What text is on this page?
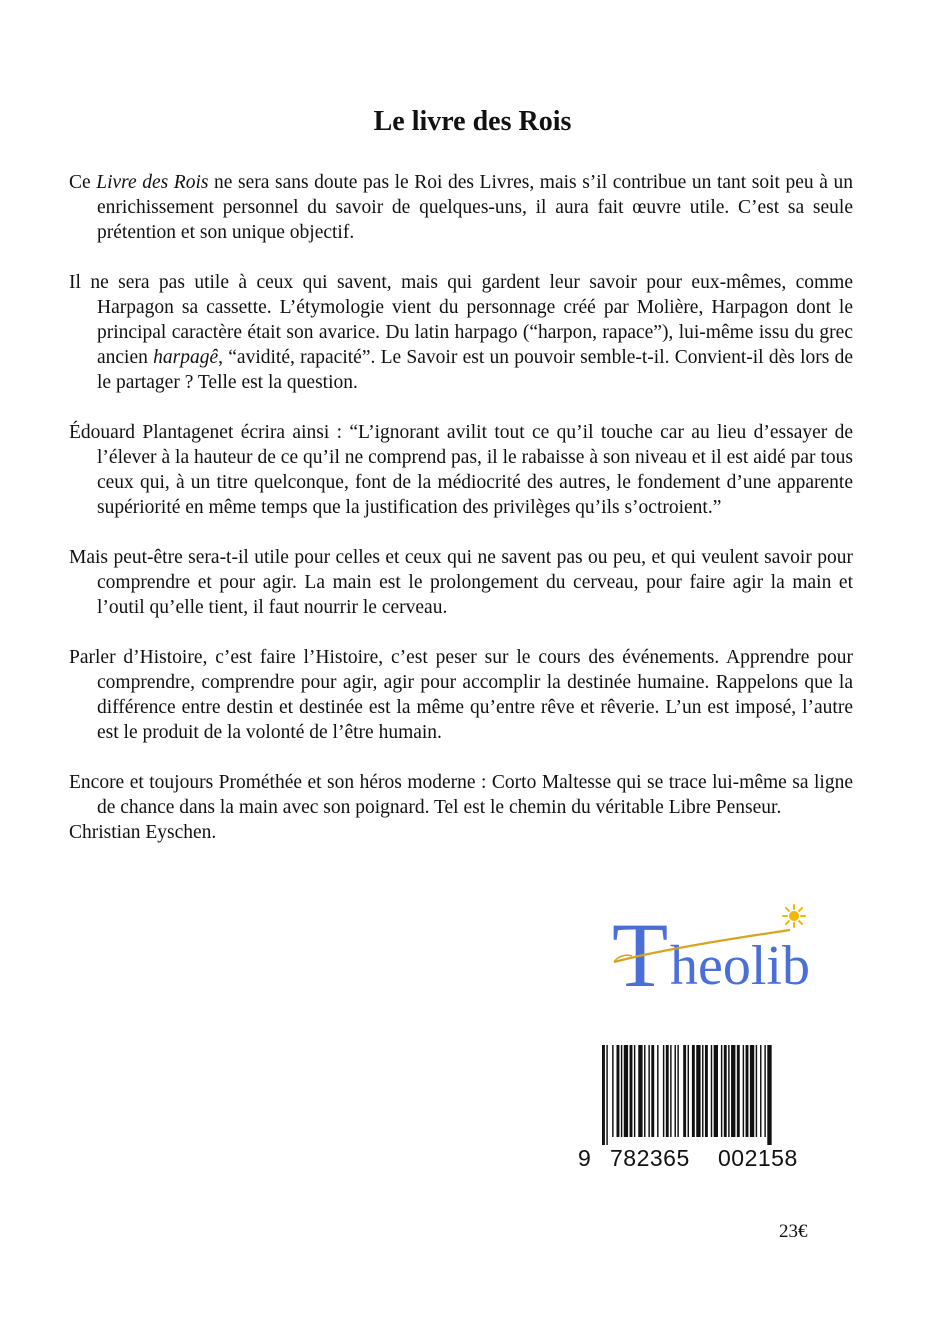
Le livre des Rois

Ce Livre des Rois ne sera sans doute pas le Roi des Livres, mais s’il contribue un tant soit peu à un enrichissement personnel du savoir de quelques-uns, il aura fait œuvre utile. C’est sa seule prétention et son unique objectif.

Il ne sera pas utile à ceux qui savent, mais qui gardent leur savoir pour eux-mêmes, comme Harpagon sa cassette. L’étymologie vient du personnage créé par Molière, Harpagon dont le principal caractère était son avarice. Du latin harpago (“harpon, rapace”), lui-même issu du grec ancien harpagê, “avidité, rapacité”. Le Savoir est un pouvoir semble-t-il. Convient-il dès lors de le partager ? Telle est la question.

Édouard Plantagenet écrira ainsi : “L’ignorant avilit tout ce qu’il touche car au lieu d’essayer de l’élever à la hauteur de ce qu’il ne comprend pas, il le rabaisse à son niveau et il est aidé par tous ceux qui, à un titre quelconque, font de la médiocrité des autres, le fondement d’une apparente supériorité en même temps que la justification des privilèges qu’ils s’octroient.”

Mais peut-être sera-t-il utile pour celles et ceux qui ne savent pas ou peu, et qui veulent savoir pour comprendre et pour agir. La main est le prolongement du cerveau, pour faire agir la main et l’outil qu’elle tient, il faut nourrir le cerveau.

Parler d’Histoire, c’est faire l’Histoire, c’est peser sur le cours des événements. Apprendre pour comprendre, comprendre pour agir, agir pour accomplir la destinée humaine. Rappelons que la différence entre destin et destinée est la même qu’entre rêve et rêverie. L’un est imposé, l’autre est le produit de la volonté de l’être humain.

Encore et toujours Prométhée et son héros moderne : Corto Maltesse qui se trace lui-même sa ligne de chance dans la main avec son poignard. Tel est le chemin du véritable Libre Penseur.

Christian Eyschen.

T heolib
9 782365 002158

23€
